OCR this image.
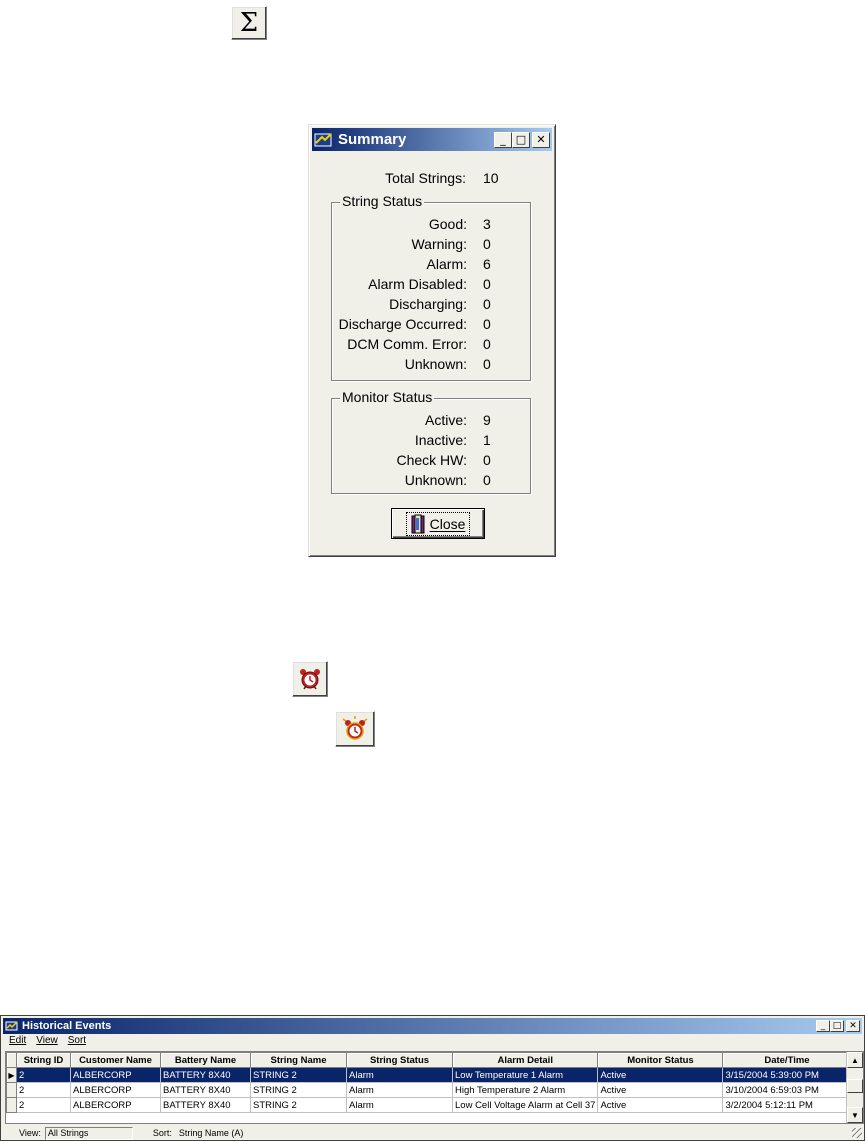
Σ
Summary	_ □ ✕
Total Strings: 10
String Status
Good: 3
Warning: 0
Alarm: 6
Alarm Disabled: 0
Discharging: 0
Discharge Occurred: 0
DCM Comm. Error: 0
Unknown: 0
Monitor Status
Active: 9
Inactive: 1
Check HW: 0
Unknown: 0
Close
Historical Events	_ □ ✕
Edit View Sort
	String ID	Customer Name	Battery Name	String Name	String Status	Alarm Detail	Monitor Status	Date/Time
▶	2	ALBERCORP	BATTERY 8X40	STRING 2	Alarm	Low Temperature 1 Alarm	Active	3/15/2004 5:39:00 PM
	2	ALBERCORP	BATTERY 8X40	STRING 2	Alarm	High Temperature 2 Alarm	Active	3/10/2004 6:59:03 PM
	2	ALBERCORP	BATTERY 8X40	STRING 2	Alarm	Low Cell Voltage Alarm at Cell 37	Active	3/2/2004 5:12:11 PM
▲
▼
View: All Strings	Sort: String Name (A)
